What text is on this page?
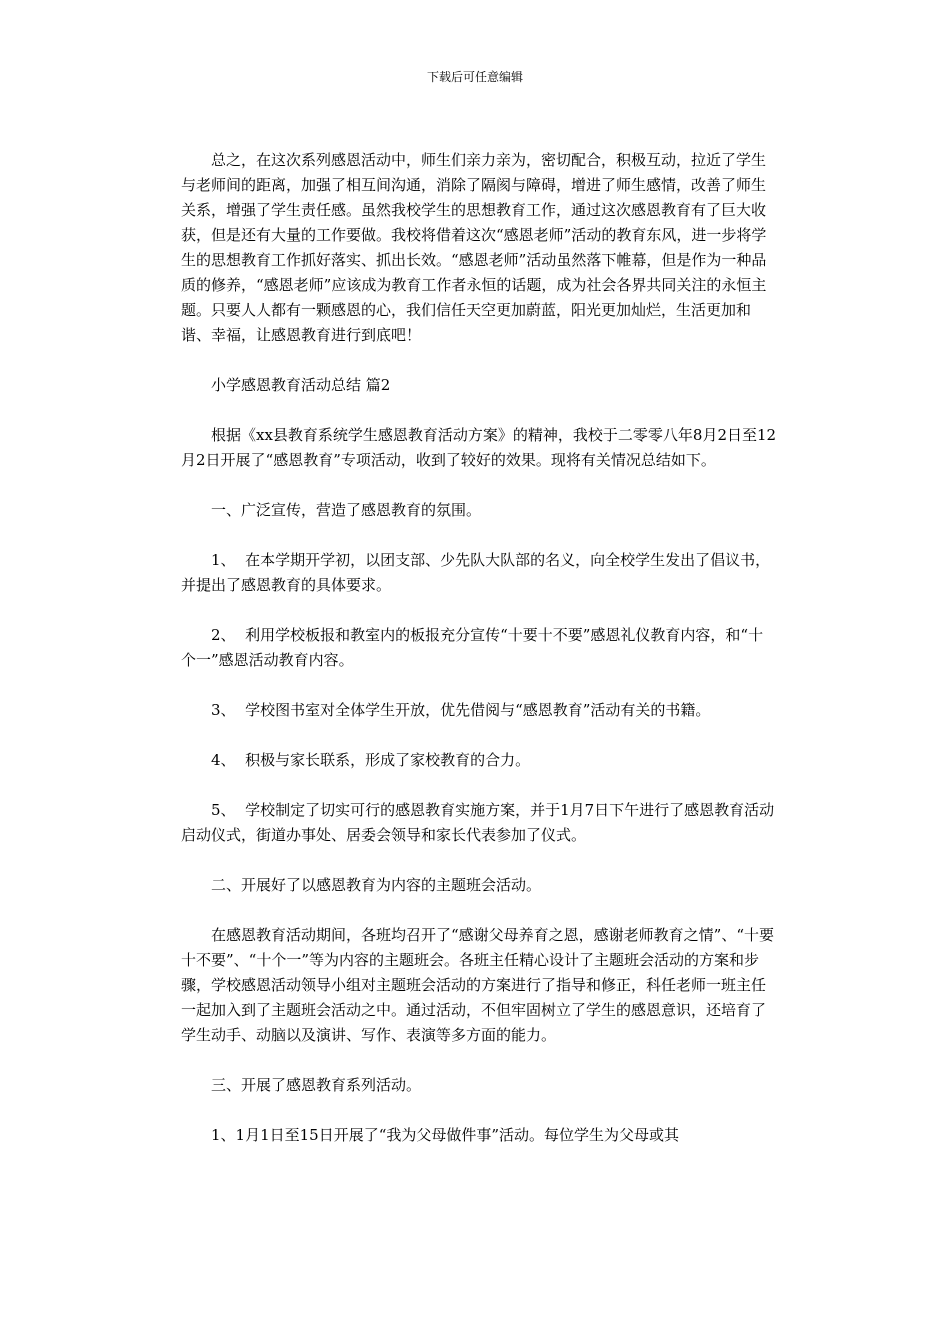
下载后可任意编辑

总之，在这次系列感恩活动中，师生们亲力亲为，密切配合，积极互动，拉近了学生与老师间的距离，加强了相互间沟通，消除了隔阂与障碍，增进了师生感情，改善了师生关系，增强了学生责任感。虽然我校学生的思想教育工作，通过这次感恩教育有了巨大收获，但是还有大量的工作要做。我校将借着这次“感恩老师”活动的教育东风，进一步将学生的思想教育工作抓好落实、抓出长效。“感恩老师”活动虽然落下帷幕，但是作为一种品质的修养，“感恩老师”应该成为教育工作者永恒的话题，成为社会各界共同关注的永恒主题。只要人人都有一颗感恩的心，我们信任天空更加蔚蓝，阳光更加灿烂，生活更加和谐、幸福，让感恩教育进行到底吧！

小学感恩教育活动总结 篇2

根据《xx县教育系统学生感恩教育活动方案》的精神，我校于二零零八年8月2日至12月2日开展了“感恩教育”专项活动，收到了较好的效果。现将有关情况总结如下。

一、广泛宣传，营造了感恩教育的氛围。

1、  在本学期开学初，以团支部、少先队大队部的名义，向全校学生发出了倡议书，并提出了感恩教育的具体要求。

2、  利用学校板报和教室内的板报充分宣传“十要十不要”感恩礼仪教育内容，和“十个一”感恩活动教育内容。

3、  学校图书室对全体学生开放，优先借阅与“感恩教育”活动有关的书籍。

4、  积极与家长联系，形成了家校教育的合力。

5、  学校制定了切实可行的感恩教育实施方案，并于1月7日下午进行了感恩教育活动启动仪式，街道办事处、居委会领导和家长代表参加了仪式。

二、开展好了以感恩教育为内容的主题班会活动。

在感恩教育活动期间，各班均召开了“感谢父母养育之恩，感谢老师教育之情”、“十要十不要”、“十个一”等为内容的主题班会。各班主任精心设计了主题班会活动的方案和步骤，学校感恩活动领导小组对主题班会活动的方案进行了指导和修正，科任老师一班主任一起加入到了主题班会活动之中。通过活动，不但牢固树立了学生的感恩意识，还培育了学生动手、动脑以及演讲、写作、表演等多方面的能力。

三、开展了感恩教育系列活动。

1、1月1日至15日开展了“我为父母做件事”活动。每位学生为父母或其
